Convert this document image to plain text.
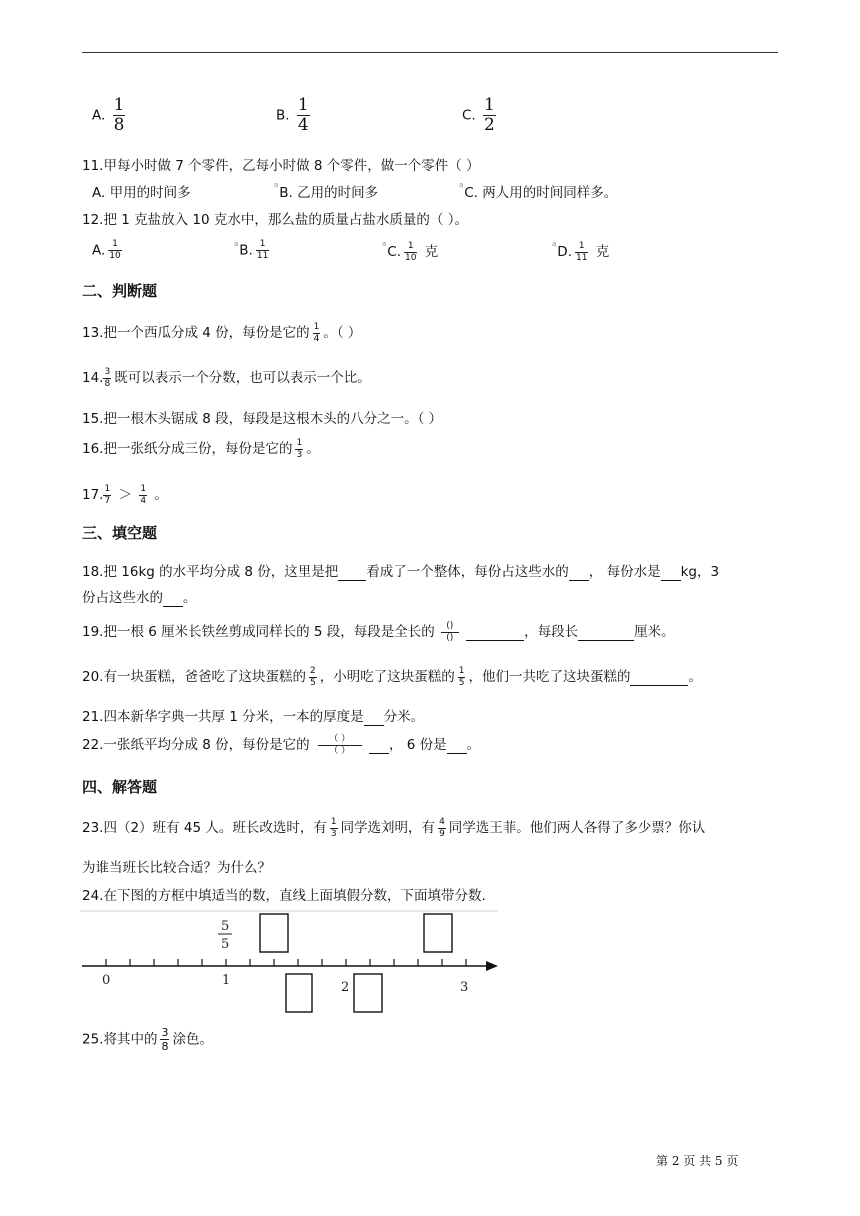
A. $\frac{1}{8}$	B. $\frac{1}{4}$	C. $\frac{1}{2}$
11.甲每小时做 7 个零件，乙每小时做 8 个零件，做一个零件（ ）
A. 甲用的时间多	$^a$B. 乙用的时间多	$^a$C. 两人用的时间同样多。
12.把 1 克盐放入 10 克水中，那么盐的质量占盐水质量的（ ）。
A. $\frac{1}{10}$	$^a$B. $\frac{1}{11}$	$^a$C. $\frac{1}{10}$ 克	$^a$D. $\frac{1}{11}$ 克
二、判断题
13.把一个西瓜分成 4 份，每份是它的 $\frac{1}{4}$ 。（ ）
14. $\frac{3}{8}$ 既可以表示一个分数，也可以表示一个比。
15.把一根木头锯成 8 段，每段是这根木头的八分之一。（ ）
16.把一张纸分成三份，每份是它的 $\frac{1}{3}$ 。
17. $\frac{1}{7} > \frac{1}{4}$ 。
三、填空题
18.把 16kg 的水平均分成 8 份，这里是把 看成了一个整体，每份占这些水的 ， 每份水是 kg，3
份占这些水的 。
19.把一根 6 厘米长铁丝剪成同样长的 5 段，每段是全长的 $\frac{()}{()}$	，每段长	厘米。
20.有一块蛋糕，爸爸吃了这块蛋糕的 $\frac{2}{5}$ ，小明吃了这块蛋糕的 $\frac{1}{5}$ ，他们一共吃了这块蛋糕的	。
21.四本新华字典一共厚 1 分米，一本的厚度是 分米。
22.一张纸平均分成 8 份，每份是它的 $\frac{( )}{( )}$ ， 6 份是 。
四、解答题
23.四（2）班有 45 人。班长改选时，有 $\frac{1}{3}$ 同学选刘明，有 $\frac{4}{9}$ 同学选王菲。他们两人各得了多少票？你认
为谁当班长比较合适？为什么？
24.在下图的方框中填适当的数，直线上面填假分数，下面填带分数.
0	1	2	3
5
5
25.将其中的 $\frac{3}{8}$ 涂色。
第 2 页 共 5 页
